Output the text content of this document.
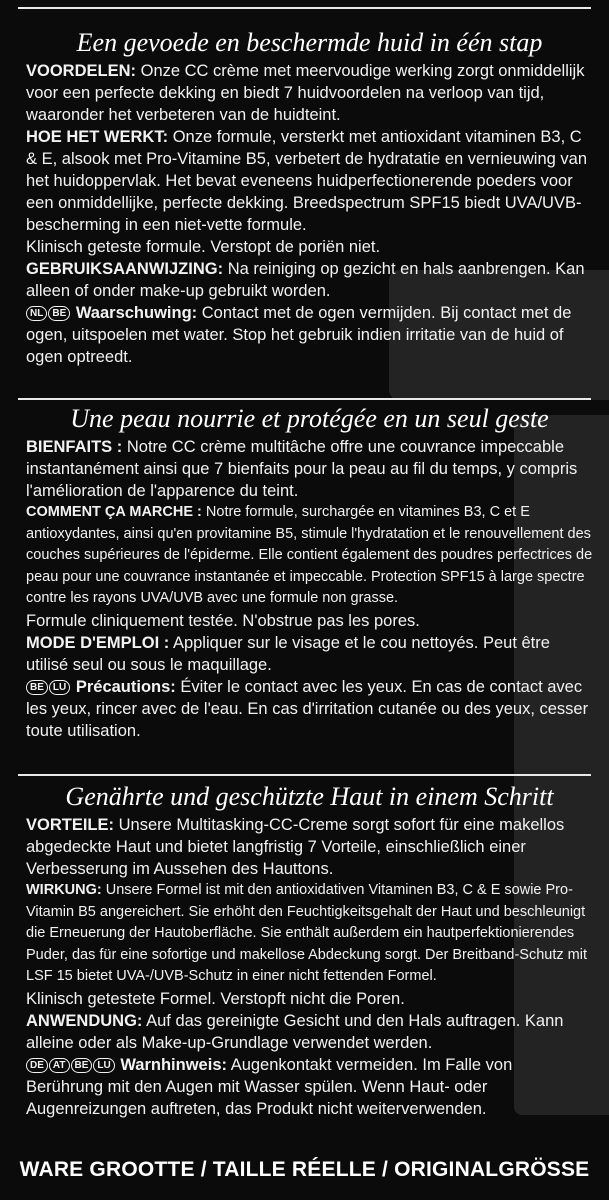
Een gevoede en beschermde huid in één stap

VOORDELEN: Onze CC crème met meervoudige werking zorgt onmiddellijk voor een perfecte dekking en biedt 7 huidvoordelen na verloop van tijd, waaronder het verbeteren van de huidteint.

HOE HET WERKT: Onze formule, versterkt met antioxidant vitaminen B3, C & E, alsook met Pro-Vitamine B5, verbetert de hydratatie en vernieuwing van het huidoppervlak. Het bevat eveneens huidperfectionerende poeders voor een onmiddellijke, perfecte dekking. Breedspectrum SPF15 biedt UVA/UVB-bescherming in een niet-vette formule.

Klinisch geteste formule. Verstopt de poriën niet.

GEBRUIKSAANWIJZING: Na reiniging op gezicht en hals aanbrengen. Kan alleen of onder make-up gebruikt worden.

NL BE Waarschuwing: Contact met de ogen vermijden. Bij contact met de ogen, uitspoelen met water. Stop het gebruik indien irritatie van de huid of ogen optreedt.

Une peau nourrie et protégée en un seul geste

BIENFAITS : Notre CC crème multitâche offre une couvrance impeccable instantanément ainsi que 7 bienfaits pour la peau au fil du temps, y compris l'amélioration de l'apparence du teint.

COMMENT ÇA MARCHE : Notre formule, surchargée en vitamines B3, C et E antioxydantes, ainsi qu'en provitamine B5, stimule l'hydratation et le renouvellement des couches supérieures de l'épiderme. Elle contient également des poudres perfectrices de peau pour une couvrance instantanée et impeccable. Protection SPF15 à large spectre contre les rayons UVA/UVB avec une formule non grasse.

Formule cliniquement testée. N'obstrue pas les pores.

MODE D'EMPLOI : Appliquer sur le visage et le cou nettoyés. Peut être utilisé seul ou sous le maquillage.

BE LU Précautions: Éviter le contact avec les yeux. En cas de contact avec les yeux, rincer avec de l'eau. En cas d'irritation cutanée ou des yeux, cesser toute utilisation.

Genährte und geschützte Haut in einem Schritt

VORTEILE: Unsere Multitasking-CC-Creme sorgt sofort für eine makellos abgedeckte Haut und bietet langfristig 7 Vorteile, einschließlich einer Verbesserung im Aussehen des Hauttons.

WIRKUNG: Unsere Formel ist mit den antioxidativen Vitaminen B3, C & E sowie Pro-Vitamin B5 angereichert. Sie erhöht den Feuchtigkeitsgehalt der Haut und beschleunigt die Erneuerung der Hautoberfläche. Sie enthält außerdem ein hautperfektionierendes Puder, das für eine sofortige und makellose Abdeckung sorgt. Der Breitband-Schutz mit LSF 15 bietet UVA-/UVB-Schutz in einer nicht fettenden Formel.

Klinisch getestete Formel. Verstopft nicht die Poren.

ANWENDUNG: Auf das gereinigte Gesicht und den Hals auftragen. Kann alleine oder als Make-up-Grundlage verwendet werden.

DE AT BE LU Warnhinweis: Augenkontakt vermeiden. Im Falle von Berührung mit den Augen mit Wasser spülen. Wenn Haut- oder Augenreizungen auftreten, das Produkt nicht weiterverwenden.

WARE GROOTTE / TAILLE RÉELLE / ORIGINALGRÖSSE
